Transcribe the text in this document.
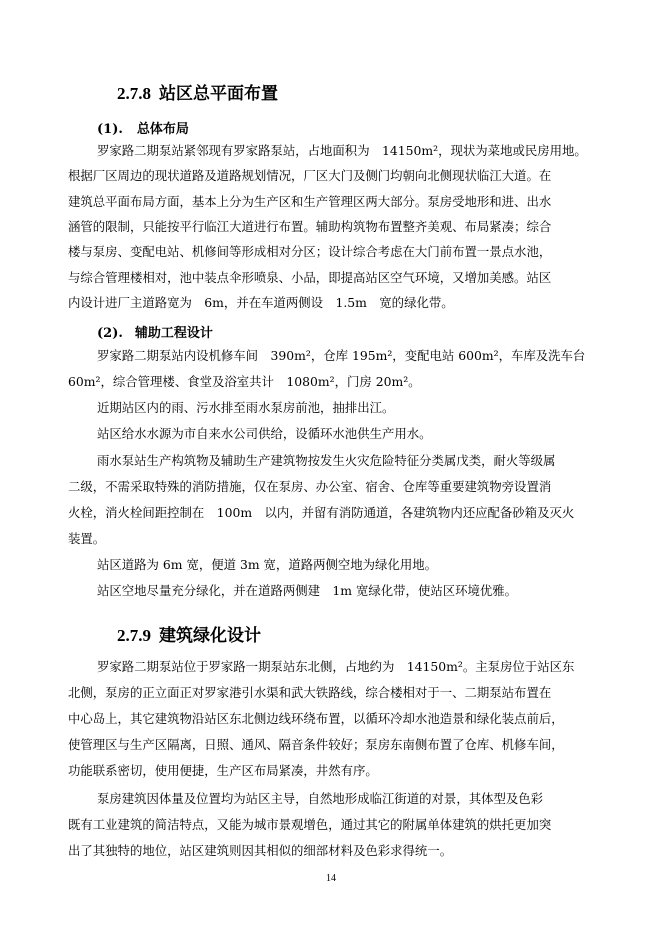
2.7.8 站区总平面布置
(1). 总体布局
罗家路二期泵站紧邻现有罗家路泵站，占地面积为　14150m²，现状为菜地或民房用地。
根据厂区周边的现状道路及道路规划情况，厂区大门及侧门均朝向北侧现状临江大道。在
建筑总平面布局方面，基本上分为生产区和生产管理区两大部分。泵房受地形和进、出水
涵管的限制，只能按平行临江大道进行布置。辅助构筑物布置整齐美观、布局紧凑；综合
楼与泵房、变配电站、机修间等形成相对分区；设计综合考虑在大门前布置一景点水池，
与综合管理楼相对，池中装点伞形喷泉、小品，即提高站区空气环境，又增加美感。站区
内设计进厂主道路宽为　6m，并在车道两侧设　1.5m　宽的绿化带。
(2). 辅助工程设计
罗家路二期泵站内设机修车间　390m²，仓库 195m²，变配电站 600m²，车库及洗车台
60m²，综合管理楼、食堂及浴室共计　1080m²，门房 20m²。
近期站区内的雨、污水排至雨水泵房前池，抽排出江。
站区给水水源为市自来水公司供给，设循环水池供生产用水。
雨水泵站生产构筑物及辅助生产建筑物按发生火灾危险特征分类属戊类，耐火等级属
二级，不需采取特殊的消防措施，仅在泵房、办公室、宿舍、仓库等重要建筑物旁设置消
火栓，消火栓间距控制在　100m　以内，并留有消防通道，各建筑物内还应配备砂箱及灭火
装置。
站区道路为 6m 宽，便道 3m 宽，道路两侧空地为绿化用地。
站区空地尽量充分绿化，并在道路两侧建　1m 宽绿化带，使站区环境优雅。
2.7.9 建筑绿化设计
罗家路二期泵站位于罗家路一期泵站东北侧，占地约为　14150m²。主泵房位于站区东
北侧，泵房的正立面正对罗家港引水渠和武大铁路线，综合楼相对于一、二期泵站布置在
中心岛上，其它建筑物沿站区东北侧边线环绕布置，以循环冷却水池造景和绿化装点前后，
使管理区与生产区隔离，日照、通风、隔音条件较好；泵房东南侧布置了仓库、机修车间，
功能联系密切，使用便捷，生产区布局紧凑，井然有序。
泵房建筑因体量及位置均为站区主导，自然地形成临江街道的对景，其体型及色彩
既有工业建筑的简洁特点，又能为城市景观增色，通过其它的附属单体建筑的烘托更加突
出了其独特的地位，站区建筑则因其相似的细部材料及色彩求得统一。
14
